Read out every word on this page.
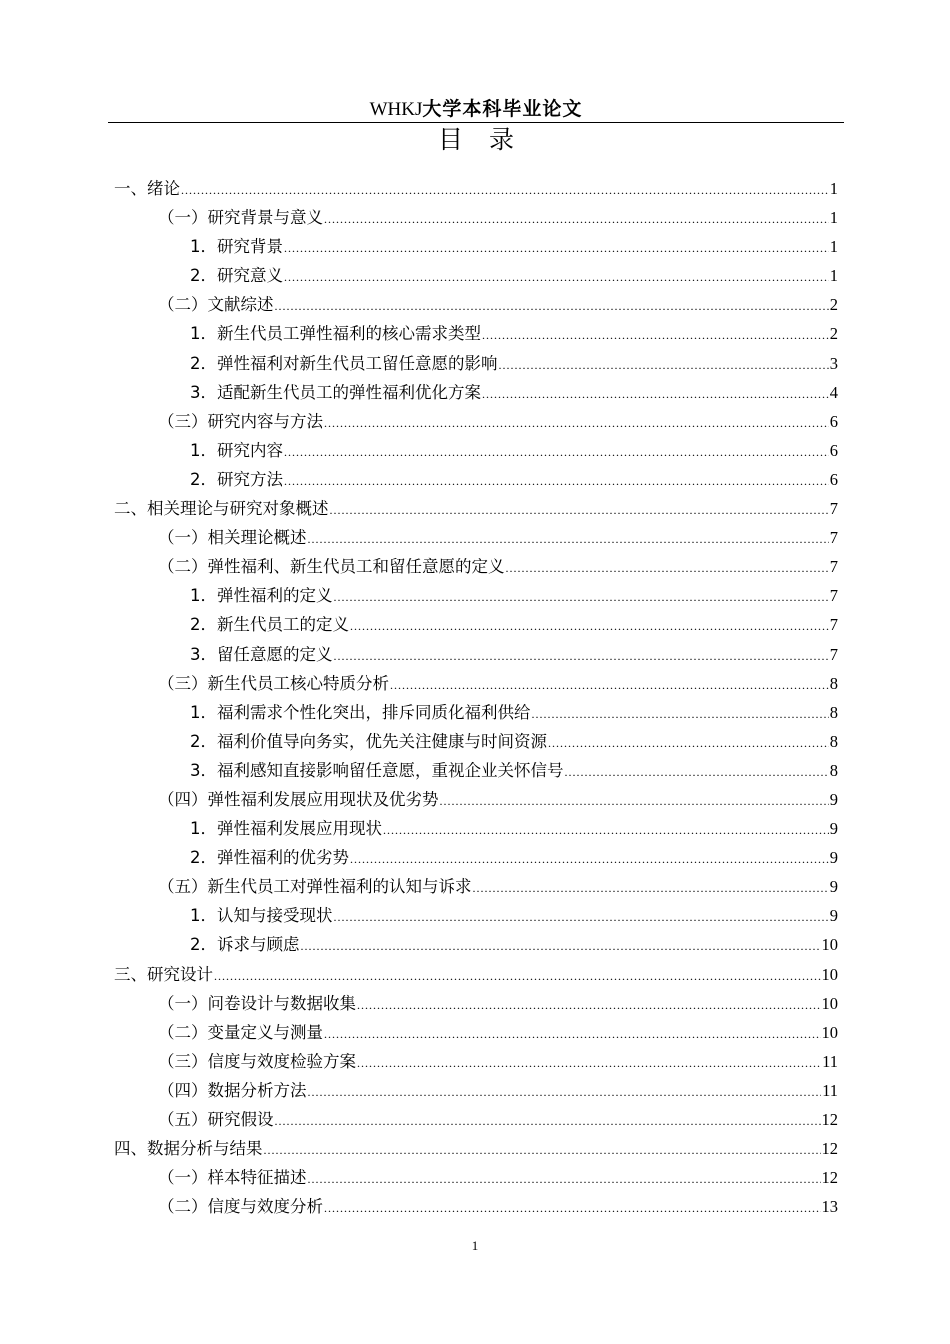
WHKJ大学本科毕业论文
目录
一、绪论 .....	1
（一）研究背景与意义 .....	1
1．研究背景 .....	1
2．研究意义 .....	1
（二）文献综述 .....	2
1．新生代员工弹性福利的核心需求类型 .....	2
2．弹性福利对新生代员工留任意愿的影响 .....	3
3．适配新生代员工的弹性福利优化方案 .....	4
（三）研究内容与方法 .....	6
1．研究内容 .....	6
2．研究方法 .....	6
二、相关理论与研究对象概述 .....	7
（一）相关理论概述 .....	7
（二）弹性福利、新生代员工和留任意愿的定义 .....	7
1．弹性福利的定义 .....	7
2．新生代员工的定义 .....	7
3．留任意愿的定义 .....	7
（三）新生代员工核心特质分析 .....	8
1．福利需求个性化突出，排斥同质化福利供给 .....	8
2．福利价值导向务实，优先关注健康与时间资源 .....	8
3．福利感知直接影响留任意愿，重视企业关怀信号 .....	8
（四）弹性福利发展应用现状及优劣势 .....	9
1．弹性福利发展应用现状 .....	9
2．弹性福利的优劣势 .....	9
（五）新生代员工对弹性福利的认知与诉求 .....	9
1．认知与接受现状 .....	9
2．诉求与顾虑 .....	10
三、研究设计 .....	10
（一）问卷设计与数据收集 .....	10
（二）变量定义与测量 .....	10
（三）信度与效度检验方案 .....	11
（四）数据分析方法 .....	11
（五）研究假设 .....	12
四、数据分析与结果 .....	12
（一）样本特征描述 .....	12
（二）信度与效度分析 .....	13
1
